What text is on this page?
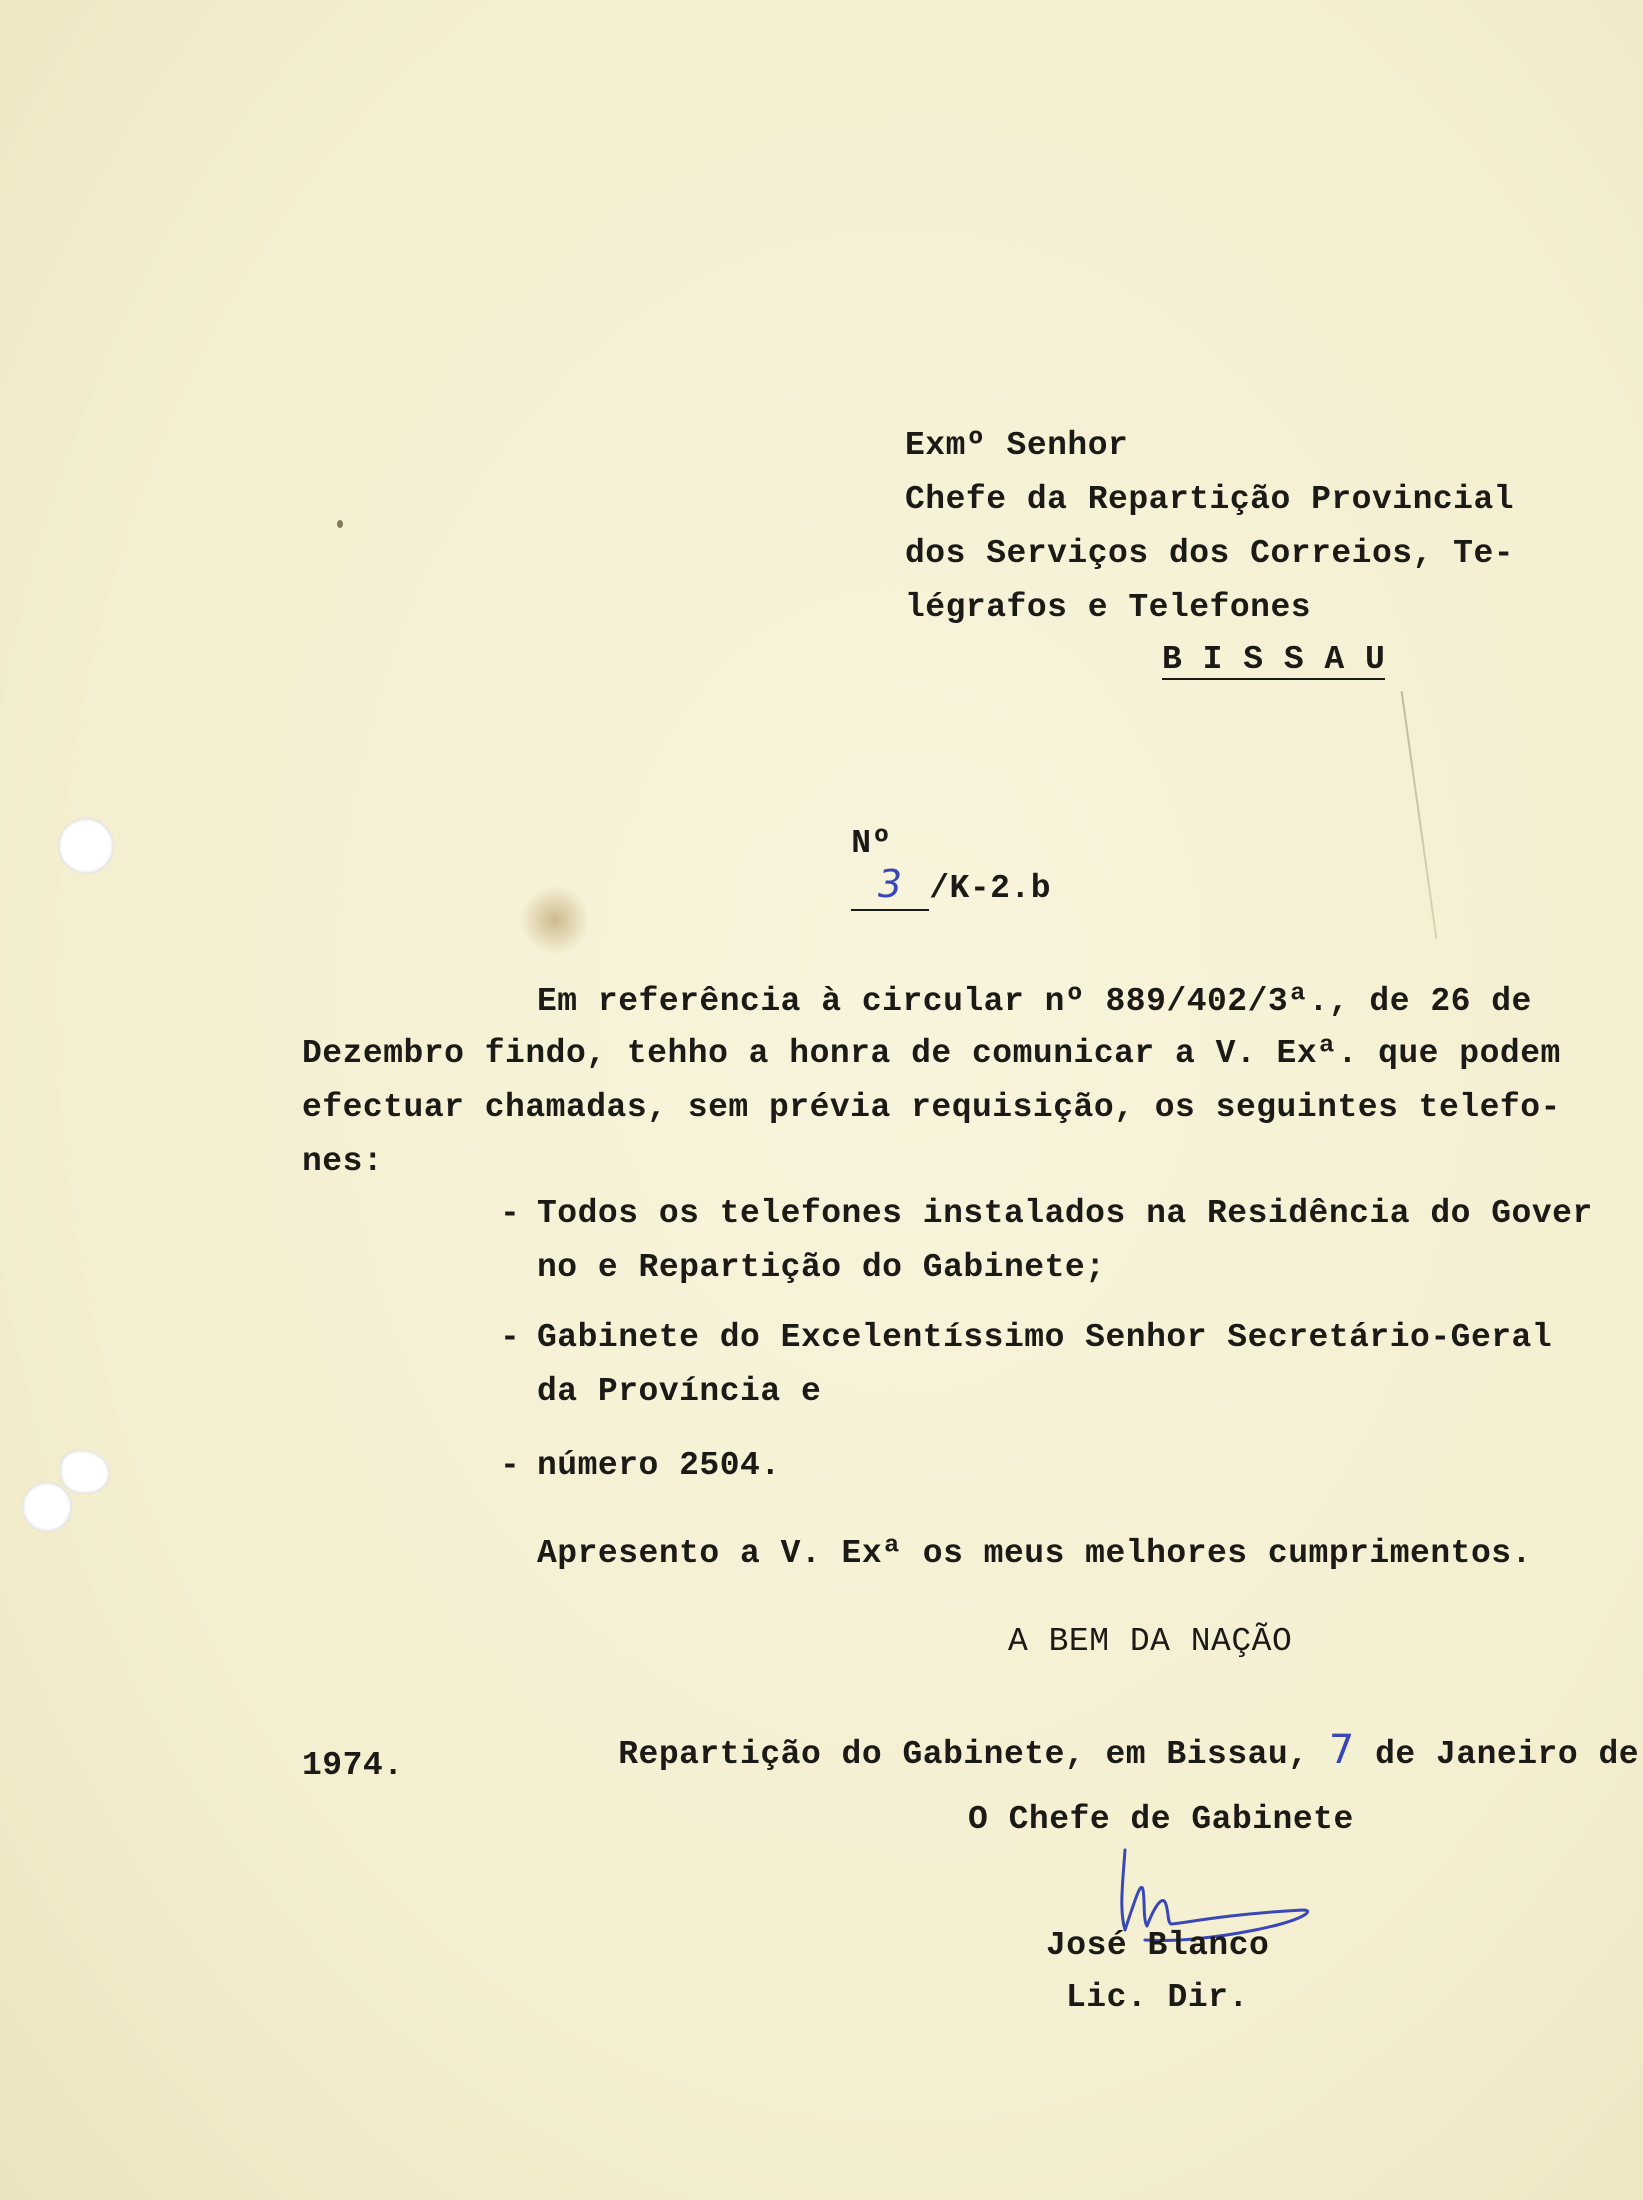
Exmº Senhor
Chefe da Repartição Provincial
dos Serviços dos Correios, Te-
légrafos e Telefones
B I S S A U

Nº
3 /K-2.b

Em referência à circular nº 889/402/3ª., de 26 de
Dezembro findo, tehho a honra de comunicar a V. Exª. que podem
efectuar chamadas, sem prévia requisição, os seguintes telefo-
nes:
- Todos os telefones instalados na Residência do Gover
no e Repartição do Gabinete;
- Gabinete do Excelentíssimo Senhor Secretário-Geral
da Província e
- número 2504.
Apresento a V. Exª os meus melhores cumprimentos.
A BEM DA NAÇÃO

Repartição do Gabinete, em Bissau, 7 de Janeiro de

1974.
O Chefe de Gabinete
José Blanco
Lic. Dir.
